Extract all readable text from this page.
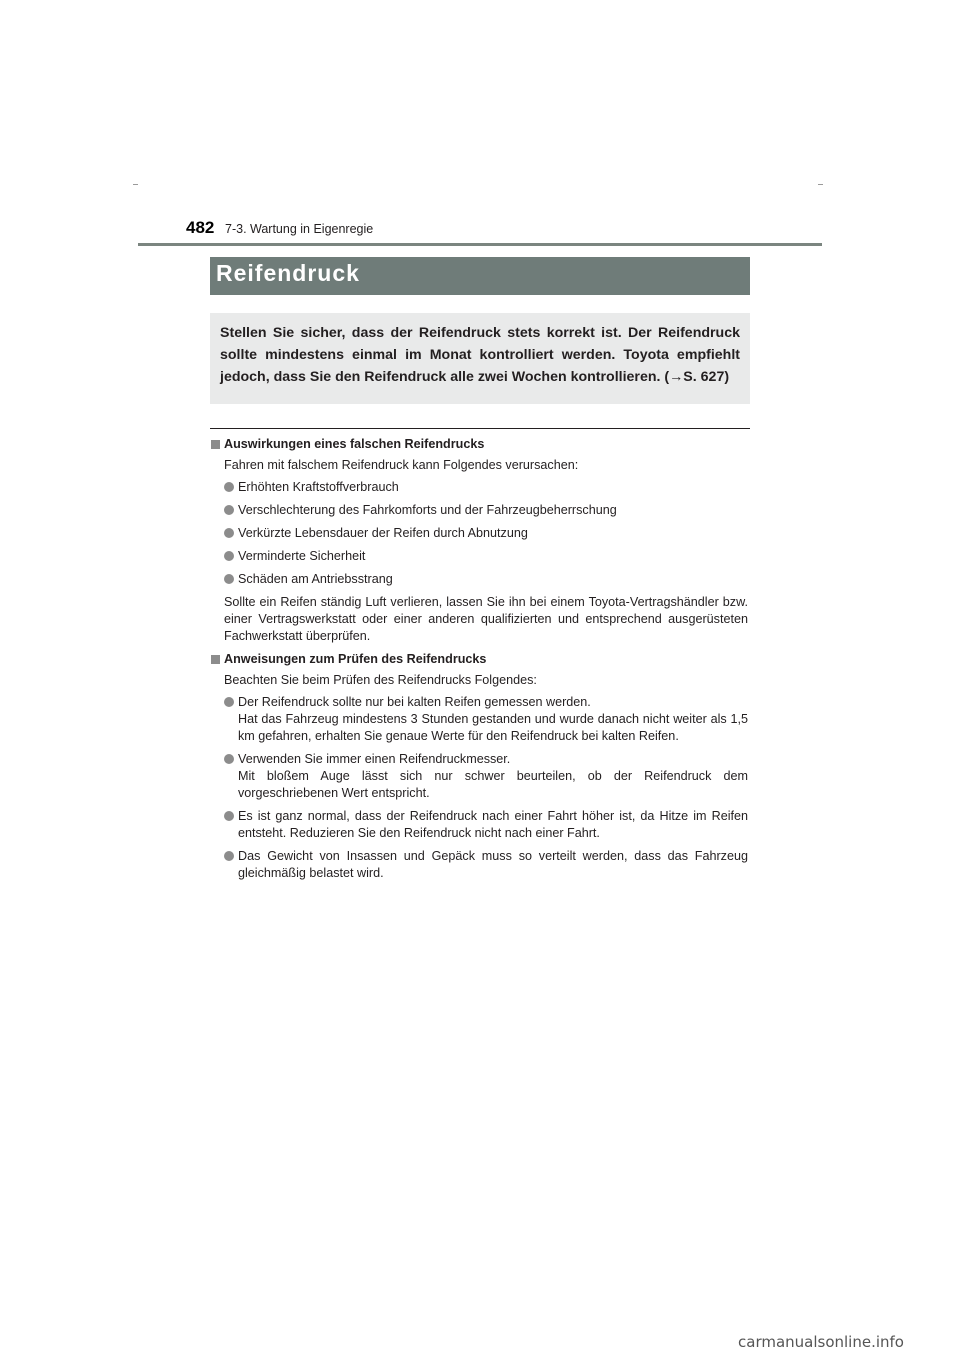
482 7-3. Wartung in Eigenregie
Reifendruck
Stellen Sie sicher, dass der Reifendruck stets korrekt ist. Der Reifendruck sollte mindestens einmal im Monat kontrolliert werden. Toyota empfiehlt jedoch, dass Sie den Reifendruck alle zwei Wochen kontrollieren. (→S. 627)
Auswirkungen eines falschen Reifendrucks
Fahren mit falschem Reifendruck kann Folgendes verursachen:
Erhöhten Kraftstoffverbrauch
Verschlechterung des Fahrkomforts und der Fahrzeugbeherrschung
Verkürzte Lebensdauer der Reifen durch Abnutzung
Verminderte Sicherheit
Schäden am Antriebsstrang
Sollte ein Reifen ständig Luft verlieren, lassen Sie ihn bei einem Toyota-Vertragshändler bzw. einer Vertragswerkstatt oder einer anderen qualifizierten und entsprechend ausgerüsteten Fachwerkstatt überprüfen.
Anweisungen zum Prüfen des Reifendrucks
Beachten Sie beim Prüfen des Reifendrucks Folgendes:
Der Reifendruck sollte nur bei kalten Reifen gemessen werden.
Hat das Fahrzeug mindestens 3 Stunden gestanden und wurde danach nicht weiter als 1,5 km gefahren, erhalten Sie genaue Werte für den Reifendruck bei kalten Reifen.
Verwenden Sie immer einen Reifendruckmesser.
Mit bloßem Auge lässt sich nur schwer beurteilen, ob der Reifendruck dem vorgeschriebenen Wert entspricht.
Es ist ganz normal, dass der Reifendruck nach einer Fahrt höher ist, da Hitze im Reifen entsteht. Reduzieren Sie den Reifendruck nicht nach einer Fahrt.
Das Gewicht von Insassen und Gepäck muss so verteilt werden, dass das Fahrzeug gleichmäßig belastet wird.
carmanualsonline.info
